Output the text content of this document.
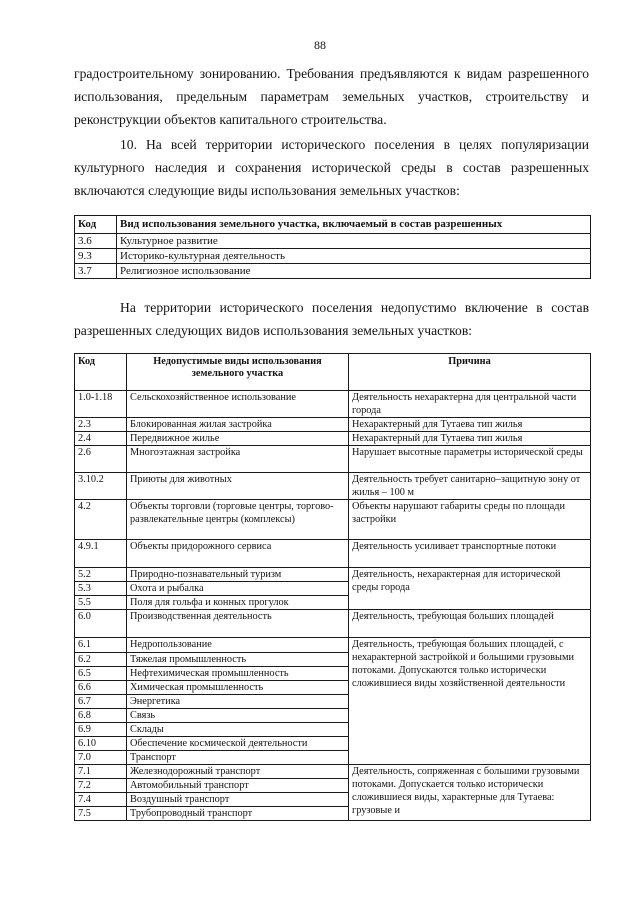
88

градостроительному зонированию. Требования предъявляются к видам разрешенного использования, предельным параметрам земельных участков, строительству и реконструкции объектов капитального строительства.

10. На всей территории исторического поселения в целях популяризации культурного наследия и сохранения исторической среды в состав разрешенных включаются следующие виды использования земельных участков:

Код	Вид использования земельного участка, включаемый в состав разрешенных
3.6	Культурное развитие
9.3	Историко-культурная деятельность
3.7	Религиозное использование

На территории исторического поселения недопустимо включение в состав разрешенных следующих видов использования земельных участков:

Код	Недопустимые виды использования земельного участка	Причина
1.0-1.18	Сельскохозяйственное использование	Деятельность нехарактерна для центральной части города
2.3	Блокированная жилая застройка	Нехарактерный для Тутаева тип жилья
2.4	Передвижное жилье	Нехарактерный для Тутаева тип жилья
2.6	Многоэтажная застройка	Нарушает высотные параметры исторической среды
3.10.2	Приюты для животных	Деятельность требует санитарно–защитную зону от жилья – 100 м
4.2	Объекты торговли (торговые центры, торгово-развлекательные центры (комплексы)	Объекты нарушают габариты среды по площади застройки
4.9.1	Объекты придорожного сервиса	Деятельность усиливает транспортные потоки
5.2	Природно-познавательный туризм	Деятельность, нехарактерная для исторической среды города
5.3	Охота и рыбалка	
5.5	Поля для гольфа и конных прогулок	
6.0	Производственная деятельность	Деятельность, требующая больших площадей
6.1	Недропользование	Деятельность, требующая больших площадей, с нехарактерной застройкой и большими грузовыми потоками. Допускаются только исторически сложившиеся виды хозяйственной деятельности
6.2	Тяжелая промышленность	
6.5	Нефтехимическая промышленность	
6.6	Химическая промышленность	
6.7	Энергетика	
6.8	Связь	
6.9	Склады	
6.10	Обеспечение космической деятельности	
7.0	Транспорт	
7.1	Железнодорожный транспорт	Деятельность, сопряженная с большими грузовыми потоками. Допускается только исторически сложившиеся виды, характерные для Тутаева: грузовые и
7.2	Автомобильный транспорт	
7.4	Воздушный транспорт	
7.5	Трубопроводный транспорт	
